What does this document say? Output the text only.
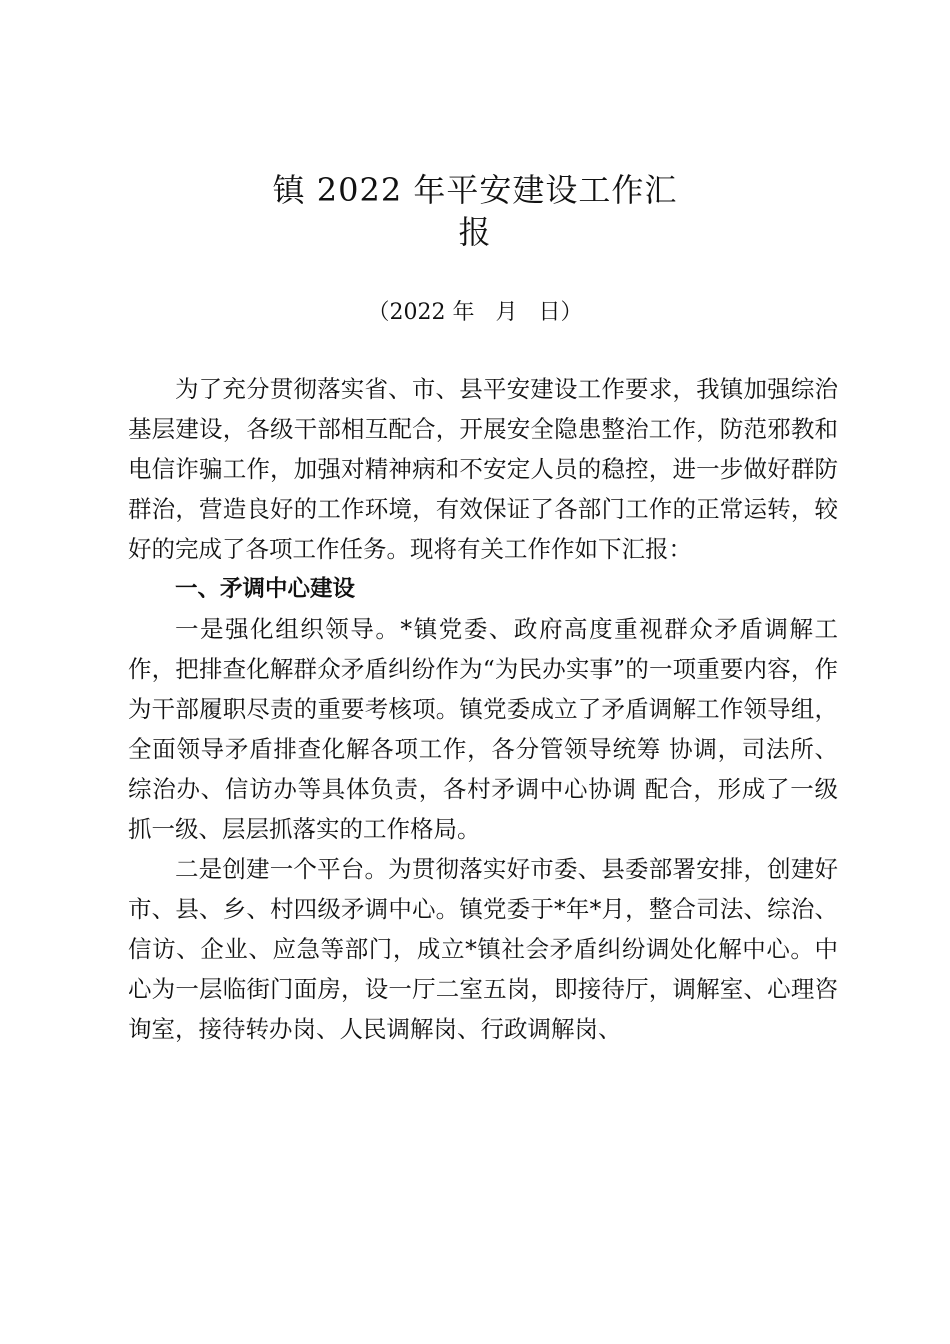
镇 2022 年平安建设工作汇
报
（2022 年   月   日）

为了充分贯彻落实省、市、县平安建设工作要求，我镇加强综治基层建设，各级干部相互配合，开展安全隐患整治工作，防范邪教和电信诈骗工作，加强对精神病和不安定人员的稳控，进一步做好群防群治，营造良好的工作环境，有效保证了各部门工作的正常运转，较好的完成了各项工作任务。现将有关工作作如下汇报：

一、矛调中心建设

一是强化组织领导。*镇党委、政府高度重视群众矛盾调解工作，把排查化解群众矛盾纠纷作为“为民办实事”的一项重要内容，作为干部履职尽责的重要考核项。镇党委成立了矛盾调解工作领导组，全面领导矛盾排查化解各项工作，各分管领导统筹 协调，司法所、综治办、信访办等具体负责，各村矛调中心协调 配合，形成了一级抓一级、层层抓落实的工作格局。

二是创建一个平台。为贯彻落实好市委、县委部署安排，创建好市、县、乡、村四级矛调中心。镇党委于*年*月，整合司法、综治、信访、企业、应急等部门，成立*镇社会矛盾纠纷调处化解中心。中心为一层临街门面房，设一厅二室五岗，即接待厅，调解室、心理咨询室，接待转办岗、人民调解岗、行政调解岗、
